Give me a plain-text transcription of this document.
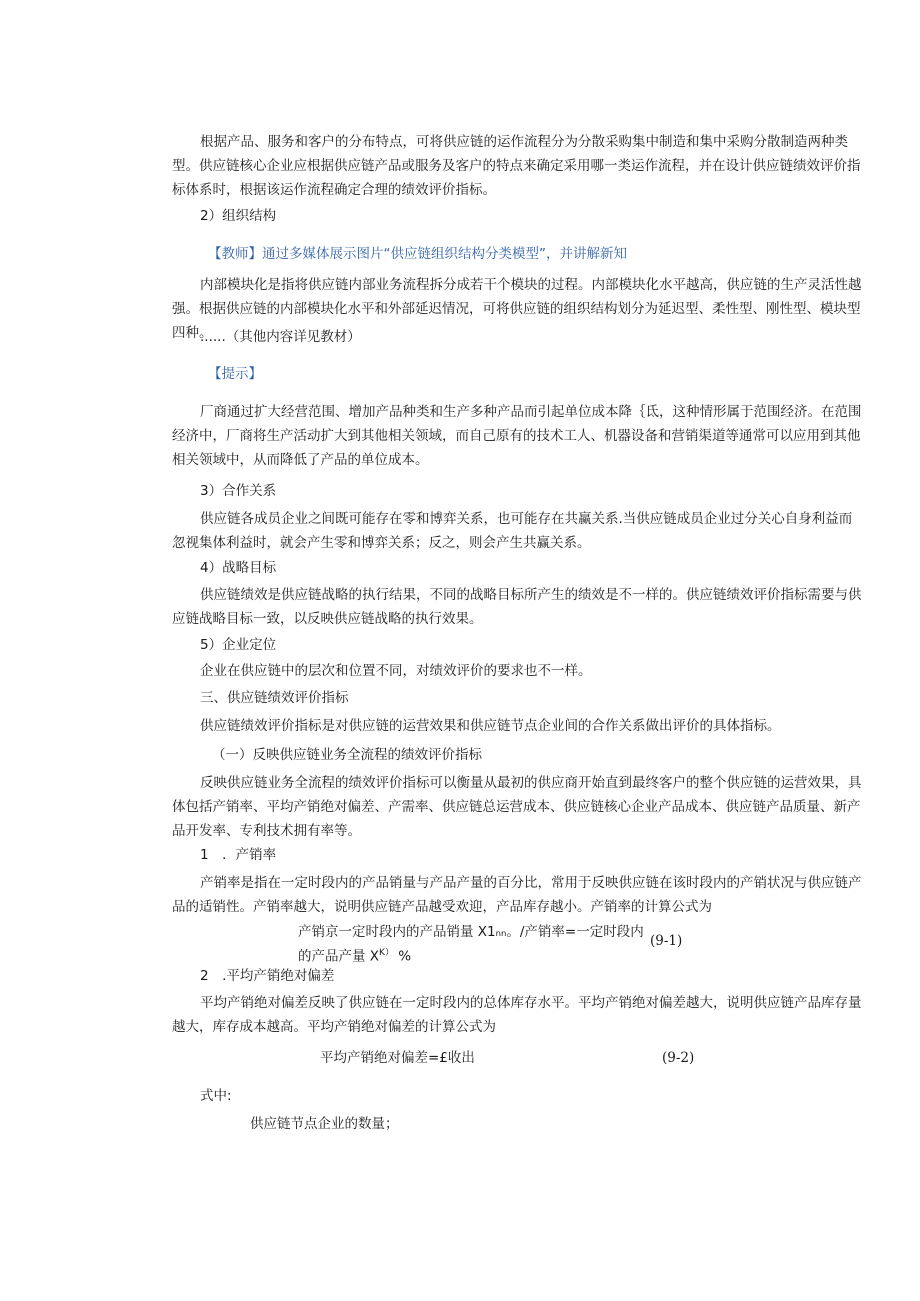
根据产品、服务和客户的分布特点，可将供应链的运作流程分为分散采购集中制造和集中采购分散制造两种类型。供应链核心企业应根据供应链产品或服务及客户的特点来确定采用哪一类运作流程，并在设计供应链绩效评价指标体系时，根据该运作流程确定合理的绩效评价指标。

2）组织结构

【教师】通过多媒体展示图片“供应链组织结构分类模型”，并讲解新知

内部模块化是指将供应链内部业务流程拆分成若干个模块的过程。内部模块化水平越高，供应链的生产灵活性越强。根据供应链的内部模块化水平和外部延迟情况，可将供应链的组织结构划分为延迟型、柔性型、刚性型、模块型四种。

......（其他内容详见教材）

【提示】

厂商通过扩大经营范围、增加产品种类和生产多种产品而引起单位成本降｛氐，这种情形属于范围经济。在范围经济中，厂商将生产活动扩大到其他相关领域，而自己原有的技术工人、机器设备和营销渠道等通常可以应用到其他相关领域中，从而降低了产品的单位成本。

3）合作关系

供应链各成员企业之间既可能存在零和博弈关系，也可能存在共赢关系.当供应链成员企业过分关心自身利益而忽视集体利益时，就会产生零和博弈关系；反之，则会产生共赢关系。

4）战略目标

供应链绩效是供应链战略的执行结果，不同的战略目标所产生的绩效是不一样的。供应链绩效评价指标需要与供应链战略目标一致，以反映供应链战略的执行效果。

5）企业定位

企业在供应链中的层次和位置不同，对绩效评价的要求也不一样。

三、供应链绩效评价指标

供应链绩效评价指标是对供应链的运营效果和供应链节点企业间的合作关系做出评价的具体指标。

（一）反映供应链业务全流程的绩效评价指标

反映供应链业务全流程的绩效评价指标可以衡量从最初的供应商开始直到最终客户的整个供应链的运营效果，具体包括产销率、平均产销绝对偏差、产需率、供应链总运营成本、供应链核心企业产品成本、供应链产品质量、新产品开发率、专利技术拥有率等。

1　．产销率

产销率是指在一定时段内的产品销量与产品产量的百分比，常用于反映供应链在该时段内的产销状况与供应链产品的适销性。产销率越大，说明供应链产品越受欢迎，产品库存越小。产销率的计算公式为

产销京一定时段内的产品销量 X1ₙₙ。/产销率=一定时段内

的产品产量 $X^{K)}$ %

(9-1)

2　.平均产销绝对偏差

平均产销绝对偏差反映了供应链在一定时段内的总体库存水平。平均产销绝对偏差越大，说明供应链产品库存量越大，库存成本越高。平均产销绝对偏差的计算公式为

平均产销绝对偏差=£收出	(9-2)

式中:

供应链节点企业的数量；
